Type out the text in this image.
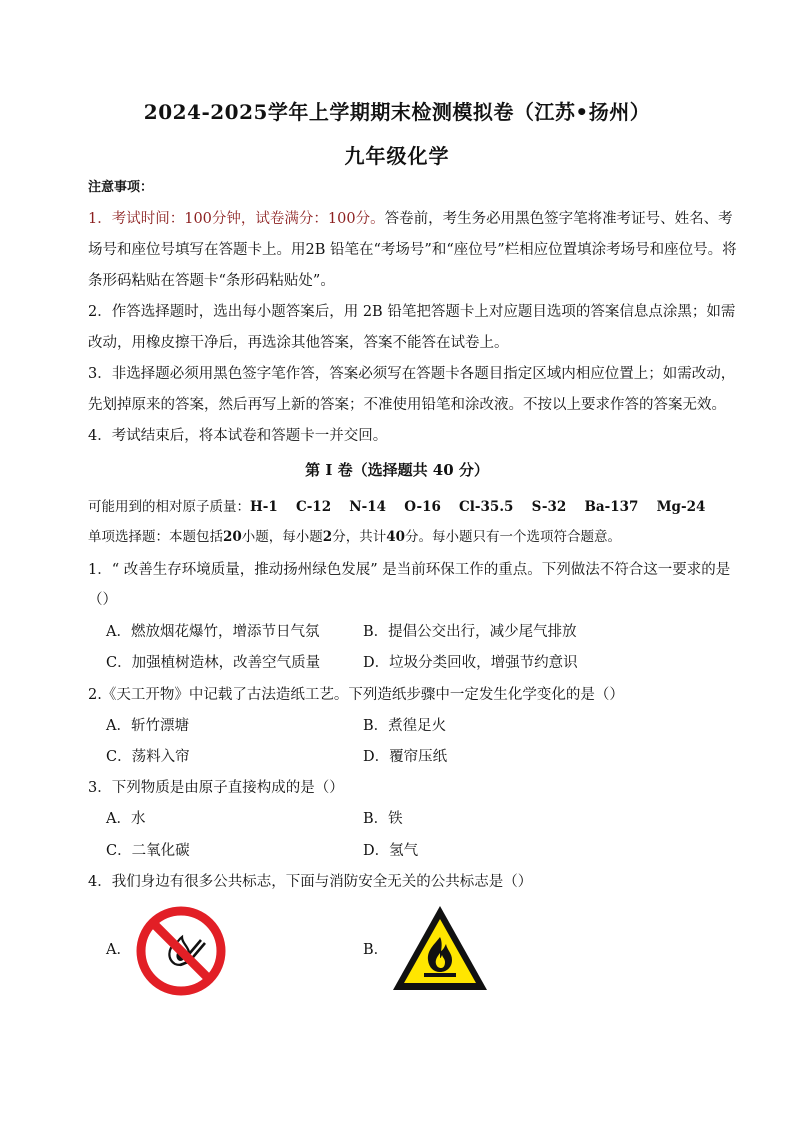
2024-2025学年上学期期末检测模拟卷（江苏•扬州）
九年级化学
注意事项：
1．考试时间：100分钟，试卷满分：100分。答卷前，考生务必用黑色签字笔将准考证号、姓名、考
场号和座位号填写在答题卡上。用2B 铅笔在“考场号”和“座位号”栏相应位置填涂考场号和座位号。将
条形码粘贴在答题卡“条形码粘贴处”。
2．作答选择题时，选出每小题答案后，用 2B 铅笔把答题卡上对应题目选项的答案信息点涂黑；如需
改动，用橡皮擦干净后，再选涂其他答案，答案不能答在试卷上。
3．非选择题必须用黑色签字笔作答，答案必须写在答题卡各题目指定区域内相应位置上；如需改动，
先划掉原来的答案，然后再写上新的答案；不准使用铅笔和涂改液。不按以上要求作答的答案无效。
4．考试结束后，将本试卷和答题卡一并交回。
第 I 卷（选择题共 40 分）
可能用到的相对原子质量：H-1　 C-12　 N-14　 O-16　 Cl-35.5　 S-32　 Ba-137　 Mg-24
单项选择题：本题包括20小题，每小题2分，共计40分。每小题只有一个选项符合题意。
1．“ 改善生存环境质量，推动扬州绿色发展” 是当前环保工作的重点。下列做法不符合这一要求的是
（）
A．燃放烟花爆竹，增添节日气氛	B．提倡公交出行，减少尾气排放
C．加强植树造林，改善空气质量	D．垃圾分类回收，增强节约意识
2.《天工开物》中记载了古法造纸工艺。下列造纸步骤中一定发生化学变化的是（）
A．斩竹漂塘	B．煮徨足火
C．荡料入帘	D．覆帘压纸
3．下列物质是由原子直接构成的是（）
A．水	B．铁
C．二氧化碳	D．氢气
4．我们身边有很多公共标志，下面与消防安全无关的公共标志是（）
A．	B．
